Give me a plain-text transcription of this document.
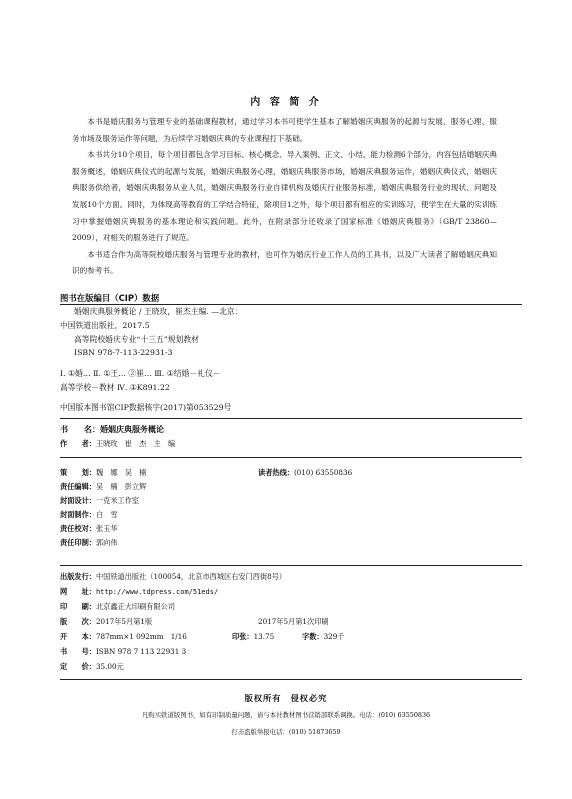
内 容 简 介

本书是婚庆服务与管理专业的基础课程教材，通过学习本书可使学生基本了解婚姻庆典服务的起源与发展、服务心理、服务市场及服务运作等问题，为后续学习婚姻庆典的专业课程打下基础。

本书共分10个项目，每个项目都包含学习目标、核心概念、导入案例、正文、小结、能力检测6个部分，内容包括婚姻庆典服务概述，婚姻庆典仪式的起源与发展，婚姻庆典服务心理，婚姻庆典服务市场，婚姻庆典服务运作，婚姻庆典仪式，婚姻庆典服务供给者，婚姻庆典服务从业人员，婚姻庆典服务行业自律机构及婚庆行业服务标准，婚姻庆典服务行业的现状、问题及发展10个方面。同时，为体现高等教育的工学结合特征，除项目1之外，每个项目都有相应的实训练习，使学生在大量的实训练习中掌握婚姻庆典服务的基本理论和实践问题。此外，在附录部分还收录了国家标准《婚姻庆典服务》（GB/T 23860—2009），对相关的服务进行了规范。

本书适合作为高等院校婚庆服务与管理专业的教材，也可作为婚庆行业工作人员的工具书，以及广大读者了解婚姻庆典知识的参考书。

图书在版编目（CIP）数据
婚姻庆典服务概论 / 王晓玫，崔杰主编. —北京：
中国铁道出版社，2017.5
高等院校婚庆专业“十三五”规划教材
ISBN 978-7-113-22931-3
Ⅰ. ①婚… Ⅱ. ①王… ②崔… Ⅲ. ①结婚－礼仪－
高等学校－教材 Ⅳ. ①K891.22
中国版本图书馆CIP数据核字(2017)第053529号
书　　名：婚姻庆典服务概论
作　　者：王晓玫　崔　杰　主　编
策　　划：魏　娜　吴　楠	读者热线：(010) 63550836
责任编辑：吴　楠　彭立辉
封面设计：一克米工作室
封面制作：白　雪
责任校对：张玉华
责任印制：郭向伟
出版发行：中国铁道出版社（100054，北京市西城区右安门西街8号）
网　　址：http://www.tdpress.com/51eds/
印　　刷：北京鑫正大印刷有限公司
版　　次：2017年5月第1版	2017年5月第1次印刷
开　　本：787mm×1 092mm　1/16	印张：13.75	字数：329千
书　　号：ISBN 978 7 113 22931 3
定　　价：35.00元
版权所有　侵权必究
凡购买铁道版图书，如有印制质量问题，请与本社教材图书营销部联系调换。电话：(010) 63550836
打击盗版举报电话：(010) 51873659
